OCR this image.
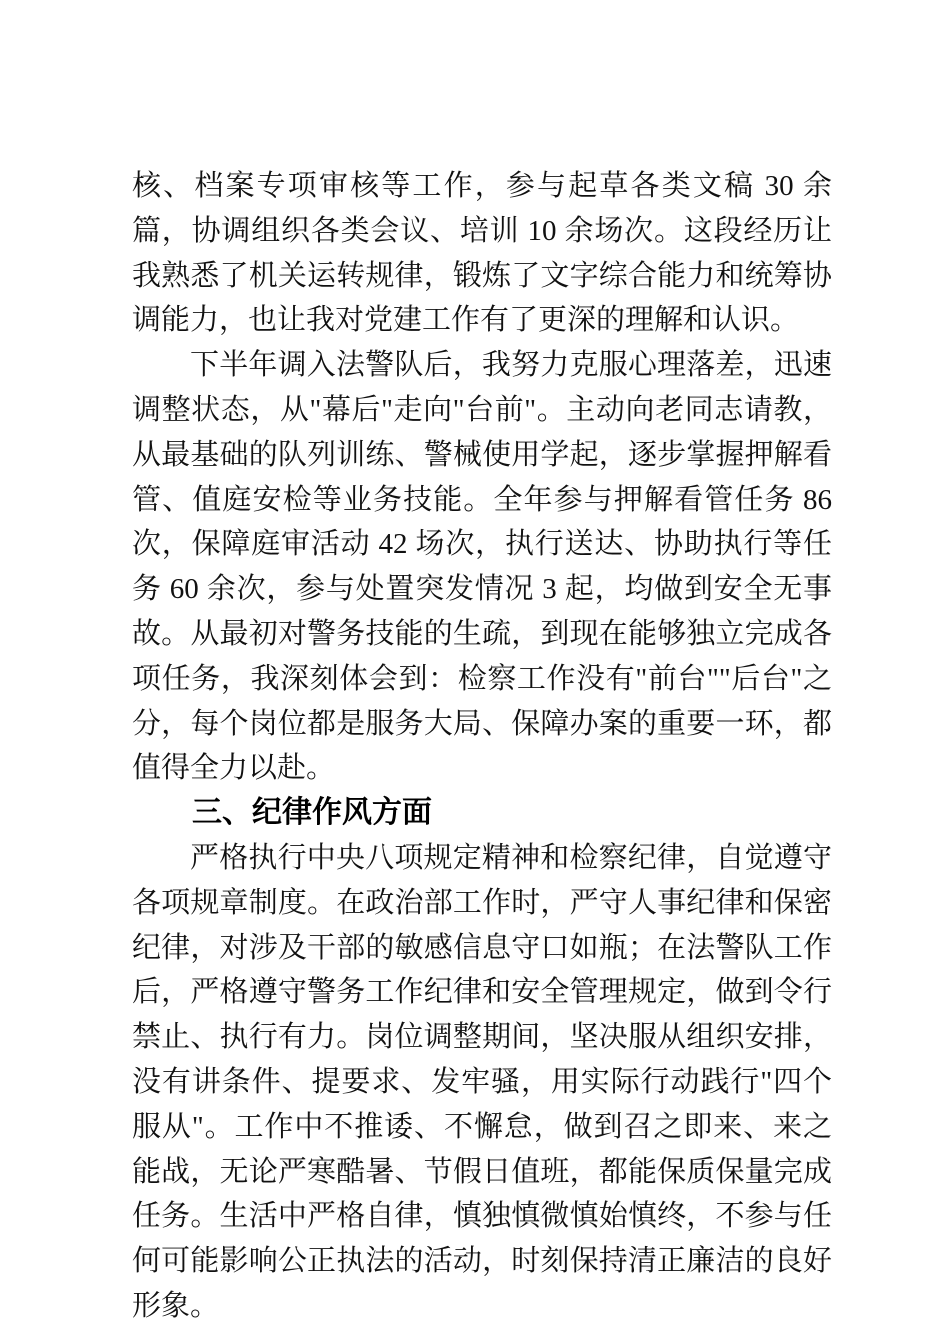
核、档案专项审核等工作，参与起草各类文稿 30 余篇，协调组织各类会议、培训 10 余场次。这段经历让我熟悉了机关运转规律，锻炼了文字综合能力和统筹协调能力，也让我对党建工作有了更深的理解和认识。

下半年调入法警队后，我努力克服心理落差，迅速调整状态，从"幕后"走向"台前"。主动向老同志请教，从最基础的队列训练、警械使用学起，逐步掌握押解看管、值庭安检等业务技能。全年参与押解看管任务 86 次，保障庭审活动 42 场次，执行送达、协助执行等任务 60 余次，参与处置突发情况 3 起，均做到安全无事故。从最初对警务技能的生疏，到现在能够独立完成各项任务，我深刻体会到：检察工作没有"前台""后台"之分，每个岗位都是服务大局、保障办案的重要一环，都值得全力以赴。

三、纪律作风方面

严格执行中央八项规定精神和检察纪律，自觉遵守各项规章制度。在政治部工作时，严守人事纪律和保密纪律，对涉及干部的敏感信息守口如瓶；在法警队工作后，严格遵守警务工作纪律和安全管理规定，做到令行禁止、执行有力。岗位调整期间，坚决服从组织安排，没有讲条件、提要求、发牢骚，用实际行动践行"四个服从"。工作中不推诿、不懈怠，做到召之即来、来之能战，无论严寒酷暑、节假日值班，都能保质保量完成任务。生活中严格自律，慎独慎微慎始慎终，不参与任何可能影响公正执法的活动，时刻保持清正廉洁的良好形象。
